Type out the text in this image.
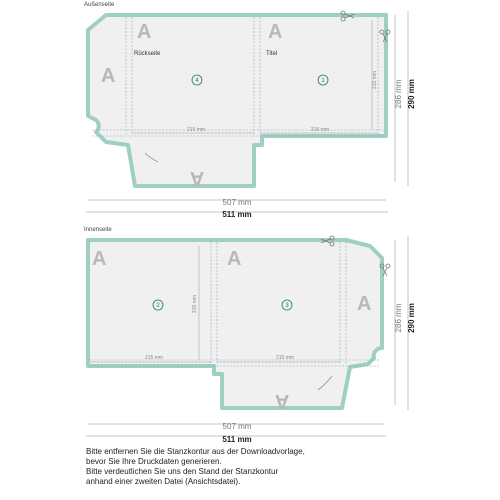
Außenseite
215 mm	215 mm
215 mm
Rückseite	Titel
4	1
A	A
A
A
286 mm 290 mm
507 mm
511 mm
Innenseite
215 mm	215 mm
215 mm
2	3
A	A
A
A
286 mm 290 mm
507 mm
511 mm
Bitte entfernen Sie die Stanzkontur aus der Downloadvorlage,
bevor Sie Ihre Druckdaten generieren.
Bitte verdeutlichen Sie uns den Stand der Stanzkontur
anhand einer zweiten Datei (Ansichtsdatei).
